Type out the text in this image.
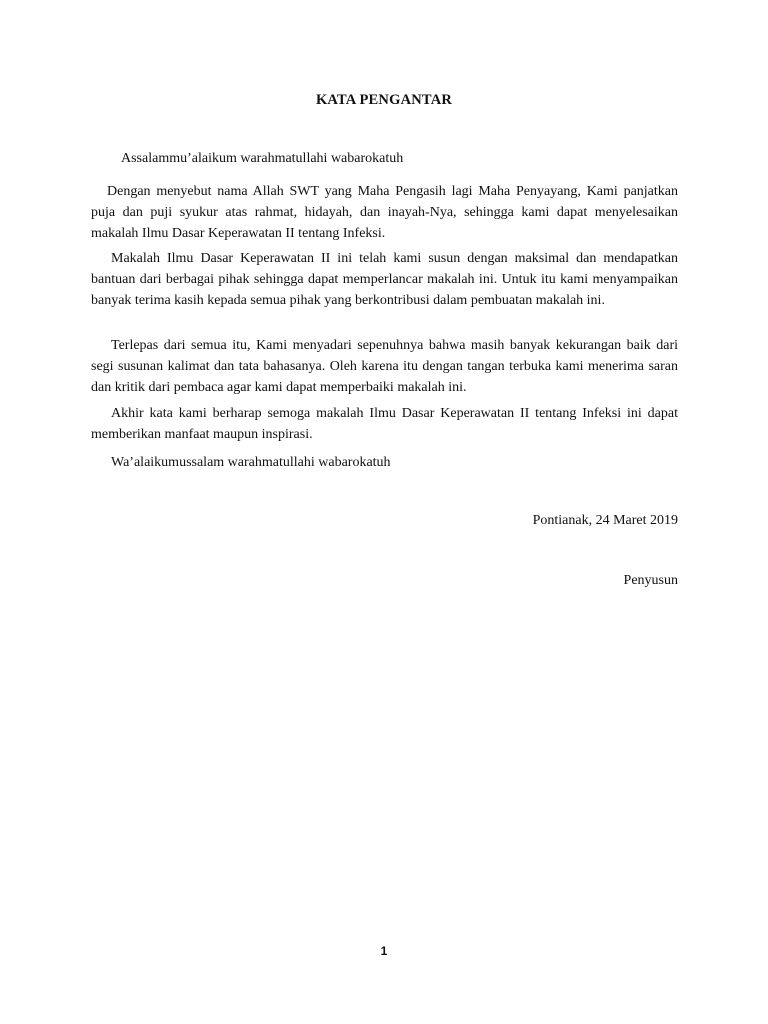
KATA PENGANTAR
Assalammu’alaikum warahmatullahi wabarokatuh

Dengan menyebut nama Allah SWT yang Maha Pengasih lagi Maha Penyayang, Kami panjatkan puja dan puji syukur atas rahmat, hidayah, dan inayah-Nya, sehingga kami dapat menyelesaikan makalah Ilmu Dasar Keperawatan II tentang Infeksi.

Makalah Ilmu Dasar Keperawatan II ini telah kami susun dengan maksimal dan mendapatkan bantuan dari berbagai pihak sehingga dapat memperlancar makalah ini. Untuk itu kami menyampaikan banyak terima kasih kepada semua pihak yang berkontribusi dalam pembuatan makalah ini.

Terlepas dari semua itu, Kami menyadari sepenuhnya bahwa masih banyak kekurangan baik dari segi susunan kalimat dan tata bahasanya. Oleh karena itu dengan tangan terbuka kami menerima saran dan kritik dari pembaca agar kami dapat memperbaiki makalah ini.

Akhir kata kami berharap semoga makalah Ilmu Dasar Keperawatan II tentang Infeksi ini dapat memberikan manfaat maupun inspirasi.

Wa’alaikumussalam warahmatullahi wabarokatuh
Pontianak, 24 Maret 2019
Penyusun
1
